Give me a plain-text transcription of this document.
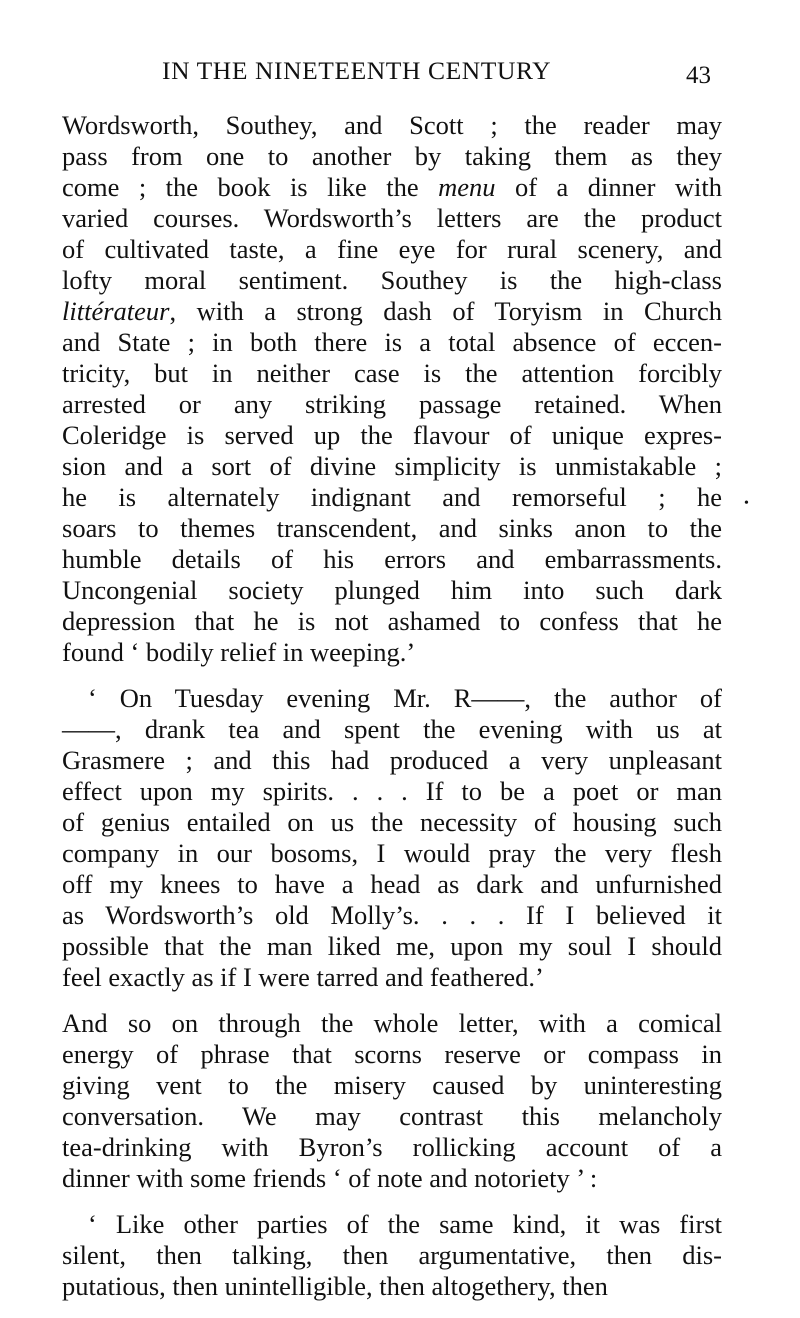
IN THE NINETEENTH CENTURY	43
Wordsworth, Southey, and Scott ; the reader may
pass from one to another by taking them as they
come ; the book is like the menu of a dinner with
varied courses. Wordsworth’s letters are the product
of cultivated taste, a fine eye for rural scenery, and
lofty moral sentiment. Southey is the high-class
littérateur, with a strong dash of Toryism in Church
and State ; in both there is a total absence of eccen-
tricity, but in neither case is the attention forcibly
arrested or any striking passage retained. When
Coleridge is served up the flavour of unique expres-
sion and a sort of divine simplicity is unmistakable ;
he is alternately indignant and remorseful ; he
soars to themes transcendent, and sinks anon to the
humble details of his errors and embarrassments.
Uncongenial society plunged him into such dark
depression that he is not ashamed to confess that he
found ‘ bodily relief in weeping.’
‘ On Tuesday evening Mr. R——, the author of
——, drank tea and spent the evening with us at
Grasmere ; and this had produced a very unpleasant
effect upon my spirits. . . . If to be a poet or man
of genius entailed on us the necessity of housing such
company in our bosoms, I would pray the very flesh
off my knees to have a head as dark and unfurnished
as Wordsworth’s old Molly’s. . . . If I believed it
possible that the man liked me, upon my soul I should
feel exactly as if I were tarred and feathered.’
And so on through the whole letter, with a comical
energy of phrase that scorns reserve or compass in
giving vent to the misery caused by uninteresting
conversation. We may contrast this melancholy
tea-drinking with Byron’s rollicking account of a
dinner with some friends ‘ of note and notoriety ’ :
‘ Like other parties of the same kind, it was first
silent, then talking, then argumentative, then dis-
putatious, then unintelligible, then altogethery, then
•
